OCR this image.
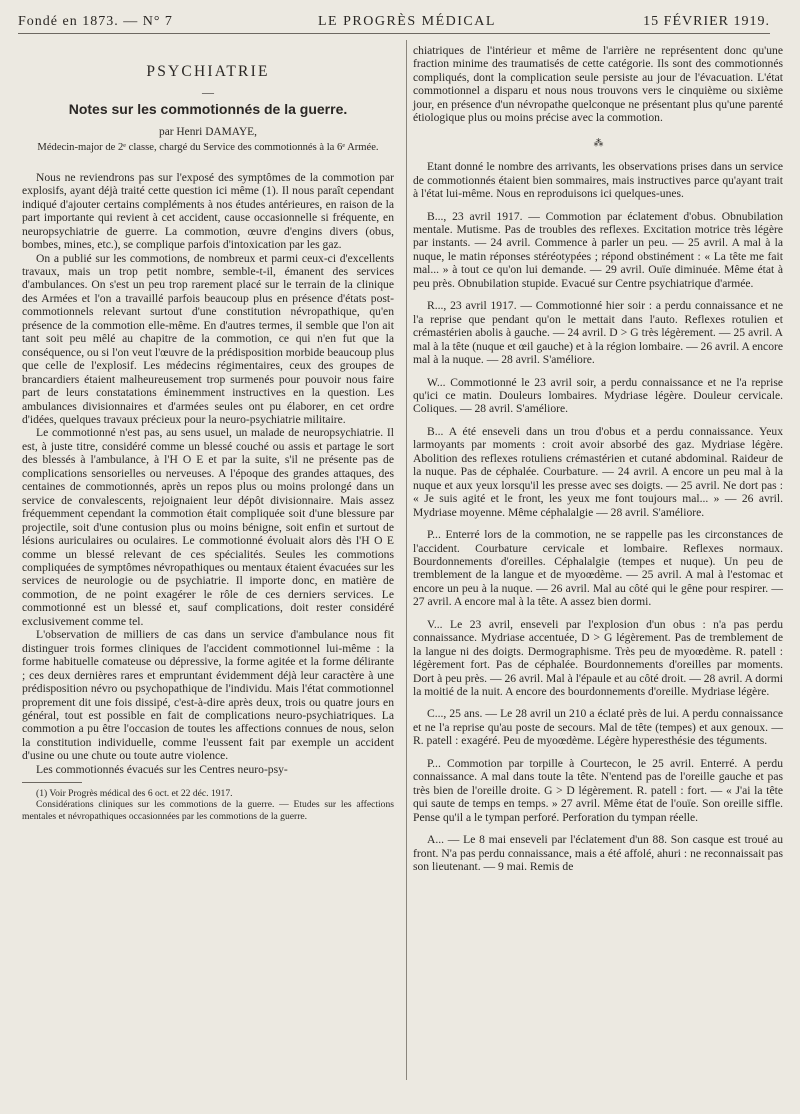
Fondé en 1873. — N° 7	LE PROGRÈS MÉDICAL	15 FÉVRIER 1919.
PSYCHIATRIE
—
Notes sur les commotionnés de la guerre.
par Henri DAMAYE,
Médecin-major de 2ᵉ classe, chargé du Service des commotionnés à la 6ᵉ Armée.

Nous ne reviendrons pas sur l'exposé des symptômes de la commotion par explosifs, ayant déjà traité cette question ici même (1). Il nous paraît cependant indiqué d'ajouter certains compléments à nos études antérieures, en raison de la part importante qui revient à cet accident, cause occasionnelle si fréquente, en neuropsychiatrie de guerre. La commotion, œuvre d'engins divers (obus, bombes, mines, etc.), se complique parfois d'intoxication par les gaz.

On a publié sur les commotions, de nombreux et parmi ceux-ci d'excellents travaux, mais un trop petit nombre, semble-t-il, émanent des services d'ambulances. On s'est un peu trop rarement placé sur le terrain de la clinique des Armées et l'on a travaillé parfois beaucoup plus en présence d'états post-commotionnels relevant surtout d'une constitution névropathique, qu'en présence de la commotion elle-même. En d'autres termes, il semble que l'on ait tant soit peu mêlé au chapitre de la commotion, ce qui n'en fut que la conséquence, ou si l'on veut l'œuvre de la prédisposition morbide beaucoup plus que celle de l'explosif. Les médecins régimentaires, ceux des groupes de brancardiers étaient malheureusement trop surmenés pour pouvoir nous faire part de leurs constatations éminemment instructives en la question. Les ambulances divisionnaires et d'armées seules ont pu élaborer, en cet ordre d'idées, quelques travaux précieux pour la neuro-psychiatrie militaire.

Le commotionné n'est pas, au sens usuel, un malade de neuropsychiatrie. Il est, à juste titre, considéré comme un blessé couché ou assis et partage le sort des blessés à l'ambulance, à l'H O E et par la suite, s'il ne présente pas de complications sensorielles ou nerveuses. A l'époque des grandes attaques, des centaines de commotionnés, après un repos plus ou moins prolongé dans un service de convalescents, rejoignaient leur dépôt divisionnaire. Mais assez fréquemment cependant la commotion était compliquée soit d'une blessure par projectile, soit d'une contusion plus ou moins bénigne, soit enfin et surtout de lésions auriculaires ou oculaires. Le commotionné évoluait alors dès l'H O E comme un blessé relevant de ces spécialités. Seules les commotions compliquées de symptômes névropathiques ou mentaux étaient évacuées sur les services de neurologie ou de psychiatrie. Il importe donc, en matière de commotion, de ne point exagérer le rôle de ces derniers services. Le commotionné est un blessé et, sauf complications, doit rester considéré exclusivement comme tel.

L'observation de milliers de cas dans un service d'ambulance nous fit distinguer trois formes cliniques de l'accident commotionnel lui-même : la forme habituelle comateuse ou dépressive, la forme agitée et la forme délirante ; ces deux dernières rares et empruntant évidemment déjà leur caractère à une prédisposition névro ou psychopathique de l'individu. Mais l'état commotionnel proprement dit une fois dissipé, c'est-à-dire après deux, trois ou quatre jours en général, tout est possible en fait de complications neuro-psychiatriques. La commotion a pu être l'occasion de toutes les affections connues de nous, selon la constitution individuelle, comme l'eussent fait par exemple un accident d'usine ou une chute ou toute autre violence.

Les commotionnés évacués sur les Centres neuro-psy-

(1) Voir Progrès médical des 6 oct. et 22 déc. 1917.

Considérations cliniques sur les commotions de la guerre. — Etudes sur les affections mentales et névropathiques occasionnées par les commotions de la guerre.

chiatriques de l'intérieur et même de l'arrière ne représentent donc qu'une fraction minime des traumatisés de cette catégorie. Ils sont des commotionnés compliqués, dont la complication seule persiste au jour de l'évacuation. L'état commotionnel a disparu et nous nous trouvons vers le cinquième ou sixième jour, en présence d'un névropathe quelconque ne présentant plus qu'une parenté étiologique plus ou moins précise avec la commotion.

⁂

Etant donné le nombre des arrivants, les observations prises dans un service de commotionnés étaient bien sommaires, mais instructives parce qu'ayant trait à l'état lui-même. Nous en reproduisons ici quelques-unes.

B..., 23 avril 1917. — Commotion par éclatement d'obus. Obnubilation mentale. Mutisme. Pas de troubles des reflexes. Excitation motrice très légère par instants. — 24 avril. Commence à parler un peu. — 25 avril. A mal à la nuque, le matin réponses stéréotypées ; répond obstinément : « La tête me fait mal... » à tout ce qu'on lui demande. — 29 avril. Ouïe diminuée. Même état à peu près. Obnubilation stupide. Evacué sur Centre psychiatrique d'armée.

R..., 23 avril 1917. — Commotionné hier soir : a perdu connaissance et ne l'a reprise que pendant qu'on le mettait dans l'auto. Reflexes rotulien et crémastérien abolis à gauche. — 24 avril. D > G très légèrement. — 25 avril. A mal à la tête (nuque et œil gauche) et à la région lombaire. — 26 avril. A encore mal à la nuque. — 28 avril. S'améliore.

W... Commotionné le 23 avril soir, a perdu connaissance et ne l'a reprise qu'ici ce matin. Douleurs lombaires. Mydriase légère. Douleur cervicale. Coliques. — 28 avril. S'améliore.

B... A été enseveli dans un trou d'obus et a perdu connaissance. Yeux larmoyants par moments : croit avoir absorbé des gaz. Mydriase légère. Abolition des reflexes rotuliens crémastérien et cutané abdominal. Raideur de la nuque. Pas de céphalée. Courbature. — 24 avril. A encore un peu mal à la nuque et aux yeux lorsqu'il les presse avec ses doigts. — 25 avril. Ne dort pas : « Je suis agité et le front, les yeux me font toujours mal... » — 26 avril. Mydriase moyenne. Même céphalalgie — 28 avril. S'améliore.

P... Enterré lors de la commotion, ne se rappelle pas les circonstances de l'accident. Courbature cervicale et lombaire. Reflexes normaux. Bourdonnements d'oreilles. Céphalalgie (tempes et nuque). Un peu de tremblement de la langue et de myoœdème. — 25 avril. A mal à l'estomac et encore un peu à la nuque. — 26 avril. Mal au côté qui le gêne pour respirer. — 27 avril. A encore mal à la tête. A assez bien dormi.

V... Le 23 avril, enseveli par l'explosion d'un obus : n'a pas perdu connaissance. Mydriase accentuée, D > G légèrement. Pas de tremblement de la langue ni des doigts. Dermographisme. Très peu de myoœdème. R. patell : légèrement fort. Pas de céphalée. Bourdonnements d'oreilles par moments. Dort à peu près. — 26 avril. Mal à l'épaule et au côté droit. — 28 avril. A dormi la moitié de la nuit. A encore des bourdonnements d'oreille. Mydriase légère.

C..., 25 ans. — Le 28 avril un 210 a éclaté près de lui. A perdu connaissance et ne l'a reprise qu'au poste de secours. Mal de tête (tempes) et aux genoux. — R. patell : exagéré. Peu de myoœdème. Légère hyperesthésie des téguments.

P... Commotion par torpille à Courtecon, le 25 avril. Enterré. A perdu connaissance. A mal dans toute la tête. N'entend pas de l'oreille gauche et pas très bien de l'oreille droite. G > D légèrement. R. patell : fort. — « J'ai la tête qui saute de temps en temps. » 27 avril. Même état de l'ouïe. Son oreille siffle. Pense qu'il a le tympan perforé. Perforation du tympan réelle.

A... — Le 8 mai enseveli par l'éclatement d'un 88. Son casque est troué au front. N'a pas perdu connaissance, mais a été affolé, ahuri : ne reconnaissait pas son lieutenant. — 9 mai. Remis de
